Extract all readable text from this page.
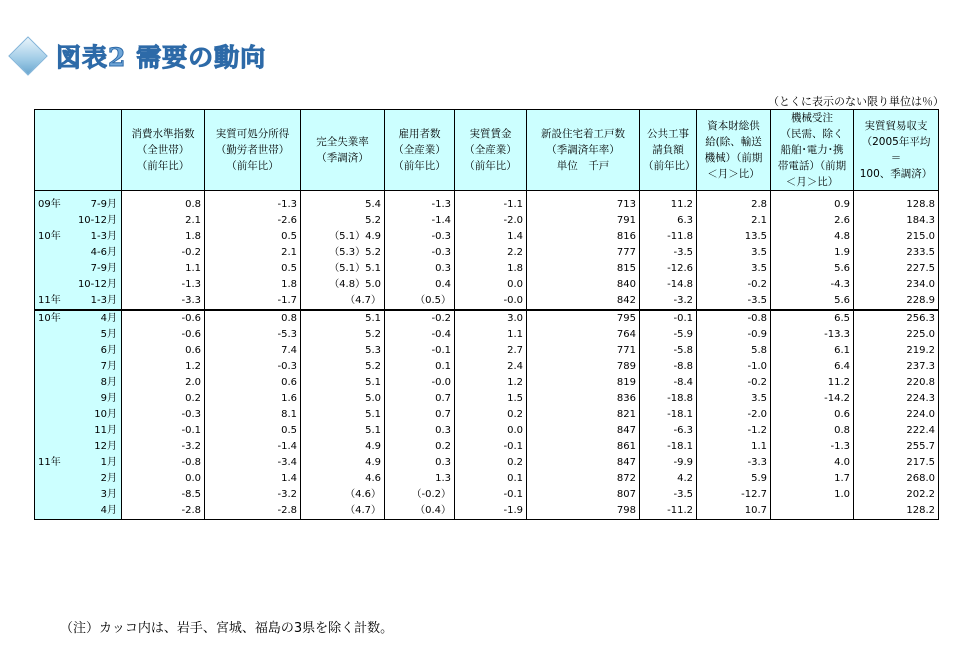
図表2 需要の動向
（とくに表示のない限り単位は％）
	消費水準指数
（全世帯）
（前年比）	実質可処分所得
（勤労者世帯）
（前年比）	完全失業率
（季調済）	雇用者数
（全産業）
（前年比）	実質賃金
（全産業）
（前年比）	新設住宅着工戸数
（季調済年率）
単位　千戸	公共工事
請負額
（前年比）	資本財総供
給(除、輸送
機械）（前期
＜月＞比）	機械受注
（民需、除く
船舶･電力･携
帯電話）（前期
＜月＞比）	実質貿易収支
（2005年平均＝
100、季調済）

09年 7-9月	0.8	-1.3	5.4	-1.3	-1.1	713	11.2	2.8	0.9	128.8
10-12月	2.1	-2.6	5.2	-1.4	-2.0	791	6.3	2.1	2.6	184.3

10年 1-3月	1.8	0.5	（5.1）4.9	-0.3	1.4	816	-11.8	13.5	4.8	215.0
4-6月	-0.2	2.1	（5.3）5.2	-0.3	2.2	777	-3.5	3.5	1.9	233.5
7-9月	1.1	0.5	（5.1）5.1	0.3	1.8	815	-12.6	3.5	5.6	227.5
10-12月	-1.3	1.8	（4.8）5.0	0.4	0.0	840	-14.8	-0.2	-4.3	234.0

11年 1-3月	-3.3	-1.7	（4.7）	（0.5）	-0.0	842	-3.2	-3.5	5.6	228.9

10年 4月	-0.6	0.8	5.1	-0.2	3.0	795	-0.1	-0.8	6.5	256.3
5月	-0.6	-5.3	5.2	-0.4	1.1	764	-5.9	-0.9	-13.3	225.0
6月	0.6	7.4	5.3	-0.1	2.7	771	-5.8	5.8	6.1	219.2
7月	1.2	-0.3	5.2	0.1	2.4	789	-8.8	-1.0	6.4	237.3
8月	2.0	0.6	5.1	-0.0	1.2	819	-8.4	-0.2	11.2	220.8
9月	0.2	1.6	5.0	0.7	1.5	836	-18.8	3.5	-14.2	224.3
10月	-0.3	8.1	5.1	0.7	0.2	821	-18.1	-2.0	0.6	224.0
11月	-0.1	0.5	5.1	0.3	0.0	847	-6.3	-1.2	0.8	222.4
12月	-3.2	-1.4	4.9	0.2	-0.1	861	-18.1	1.1	-1.3	255.7

11年 1月	-0.8	-3.4	4.9	0.3	0.2	847	-9.9	-3.3	4.0	217.5
2月	0.0	1.4	4.6	1.3	0.1	872	4.2	5.9	1.7	268.0
3月	-8.5	-3.2	（4.6）	（-0.2）	-0.1	807	-3.5	-12.7	1.0	202.2
4月	-2.8	-2.8	（4.7）	（0.4）	-1.9	798	-11.2	10.7		128.2
（注）カッコ内は、岩手、宮城、福島の3県を除く計数。
